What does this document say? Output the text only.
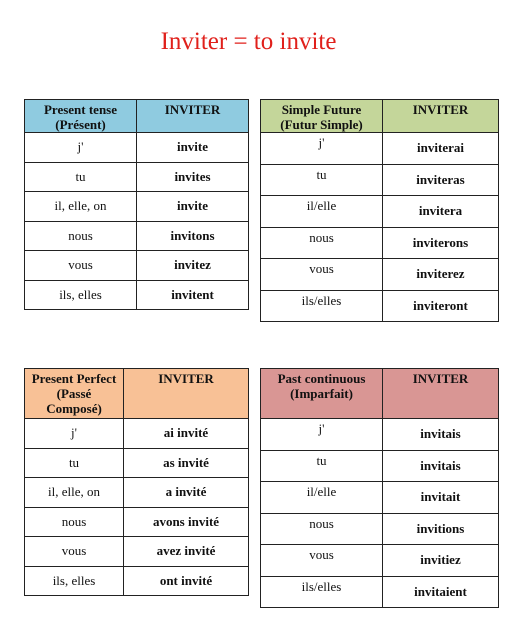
Inviter = to invite
Present tense
(Présent)	INVITER
j'	invite
tu	invites
il, elle, on	invite
nous	invitons
vous	invitez
ils, elles	invitent
Simple Future
(Futur Simple)	INVITER
j'	inviterai
tu	inviteras
il/elle	invitera
nous	inviterons
vous	inviterez
ils/elles	inviteront
Present Perfect
(Passé
Composé)	INVITER
j'	ai invité
tu	as invité
il, elle, on	a invité
nous	avons invité
vous	avez invité
ils, elles	ont invité
Past continuous
(Imparfait)	INVITER
j'	invitais
tu	invitais
il/elle	invitait
nous	invitions
vous	invitiez
ils/elles	invitaient
